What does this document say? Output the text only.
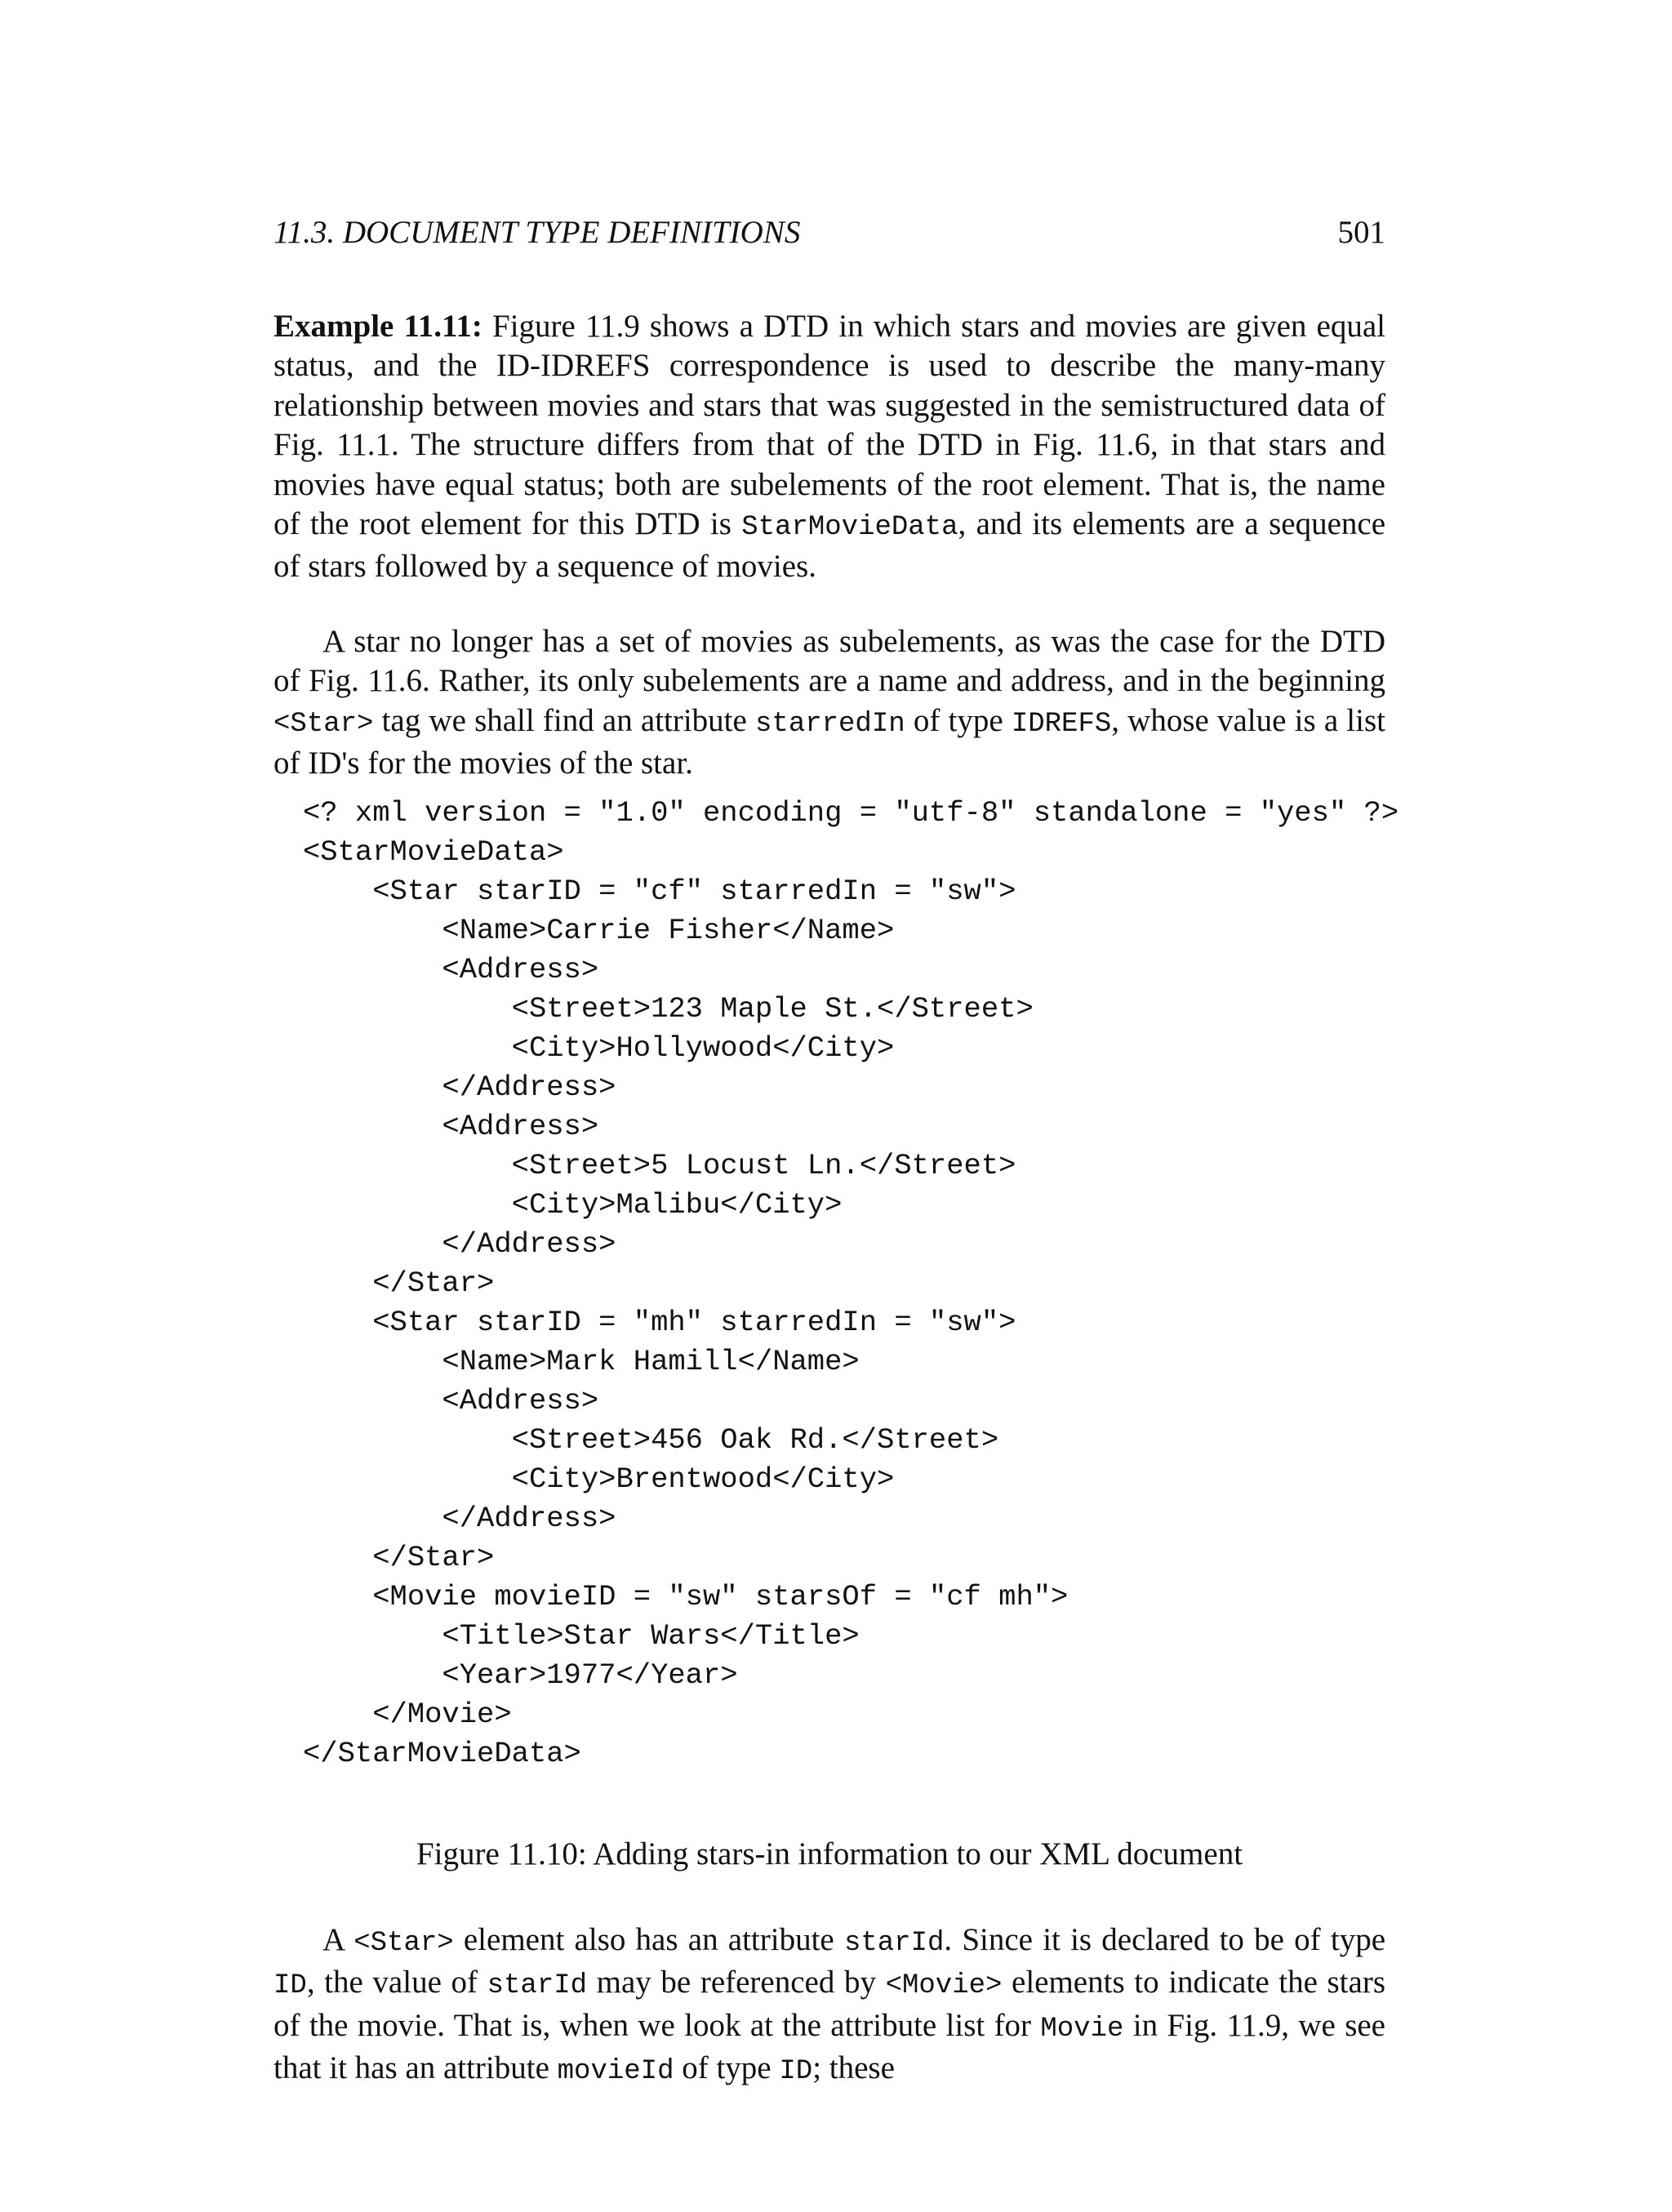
11.3. DOCUMENT TYPE DEFINITIONS	501

Example 11.11: Figure 11.9 shows a DTD in which stars and movies are given equal status, and the ID-IDREFS correspondence is used to describe the many-many relationship between movies and stars that was suggested in the semistructured data of Fig. 11.1. The structure differs from that of the DTD in Fig. 11.6, in that stars and movies have equal status; both are subelements of the root element. That is, the name of the root element for this DTD is StarMovieData, and its elements are a sequence of stars followed by a sequence of movies.

A star no longer has a set of movies as subelements, as was the case for the DTD of Fig. 11.6. Rather, its only subelements are a name and address, and in the beginning <Star> tag we shall find an attribute starredIn of type IDREFS, whose value is a list of ID's for the movies of the star.

<? xml version = "1.0" encoding = "utf-8" standalone = "yes" ?>
<StarMovieData>
<Star starID = "cf" starredIn = "sw">
<Name>Carrie Fisher</Name>
<Address>
<Street>123 Maple St.</Street>
<City>Hollywood</City>
</Address>
<Address>
<Street>5 Locust Ln.</Street>
<City>Malibu</City>
</Address>
</Star>
<Star starID = "mh" starredIn = "sw">
<Name>Mark Hamill</Name>
<Address>
<Street>456 Oak Rd.</Street>
<City>Brentwood</City>
</Address>
</Star>
<Movie movieID = "sw" starsOf = "cf mh">
<Title>Star Wars</Title>
<Year>1977</Year>
</Movie>
</StarMovieData>
Figure 11.10: Adding stars-in information to our XML document

A <Star> element also has an attribute starId. Since it is declared to be of type ID, the value of starId may be referenced by <Movie> elements to indicate the stars of the movie. That is, when we look at the attribute list for Movie in Fig. 11.9, we see that it has an attribute movieId of type ID; these
